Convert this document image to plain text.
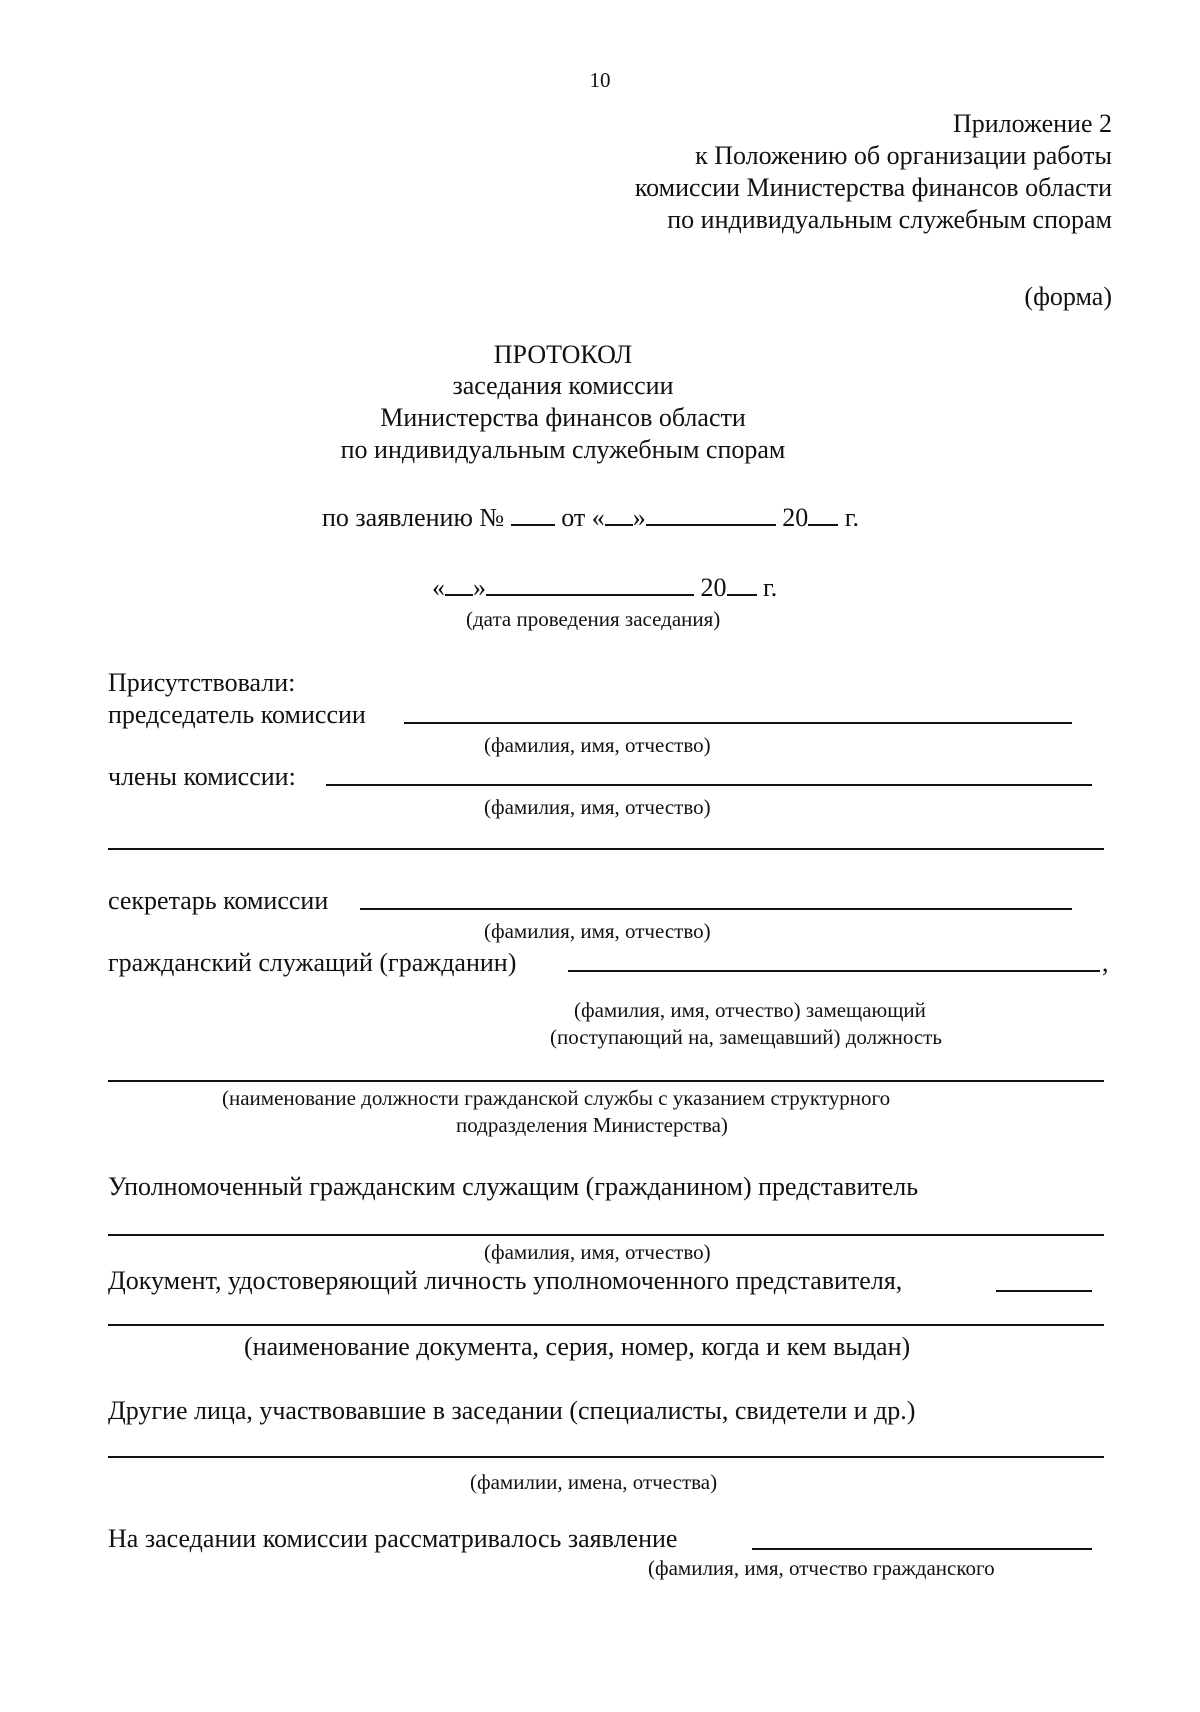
10
Приложение 2
к Положению об организации работы
комиссии Министерства финансов области
по индивидуальным служебным спорам
(форма)
ПРОТОКОЛ
заседания комиссии
Министерства финансов области
по индивидуальным служебным спорам
по заявлению № от « »	20 г.
« »	20 г.
(дата проведения заседания)
Присутствовали:
председатель комиссии
(фамилия, имя, отчество)
члены комиссии:
(фамилия, имя, отчество)
секретарь комиссии
(фамилия, имя, отчество)
гражданский служащий (гражданин)	,
(фамилия, имя, отчество) замещающий
(поступающий на, замещавший) должность
(наименование должности гражданской службы с указанием структурного
подразделения Министерства)
Уполномоченный гражданским служащим (гражданином) представитель
(фамилия, имя, отчество)
Документ, удостоверяющий личность уполномоченного представителя,
(наименование документа, серия, номер, когда и кем выдан)
Другие лица, участвовавшие в заседании (специалисты, свидетели и др.)
(фамилии, имена, отчества)
На заседании комиссии рассматривалось заявление
(фамилия, имя, отчество гражданского
